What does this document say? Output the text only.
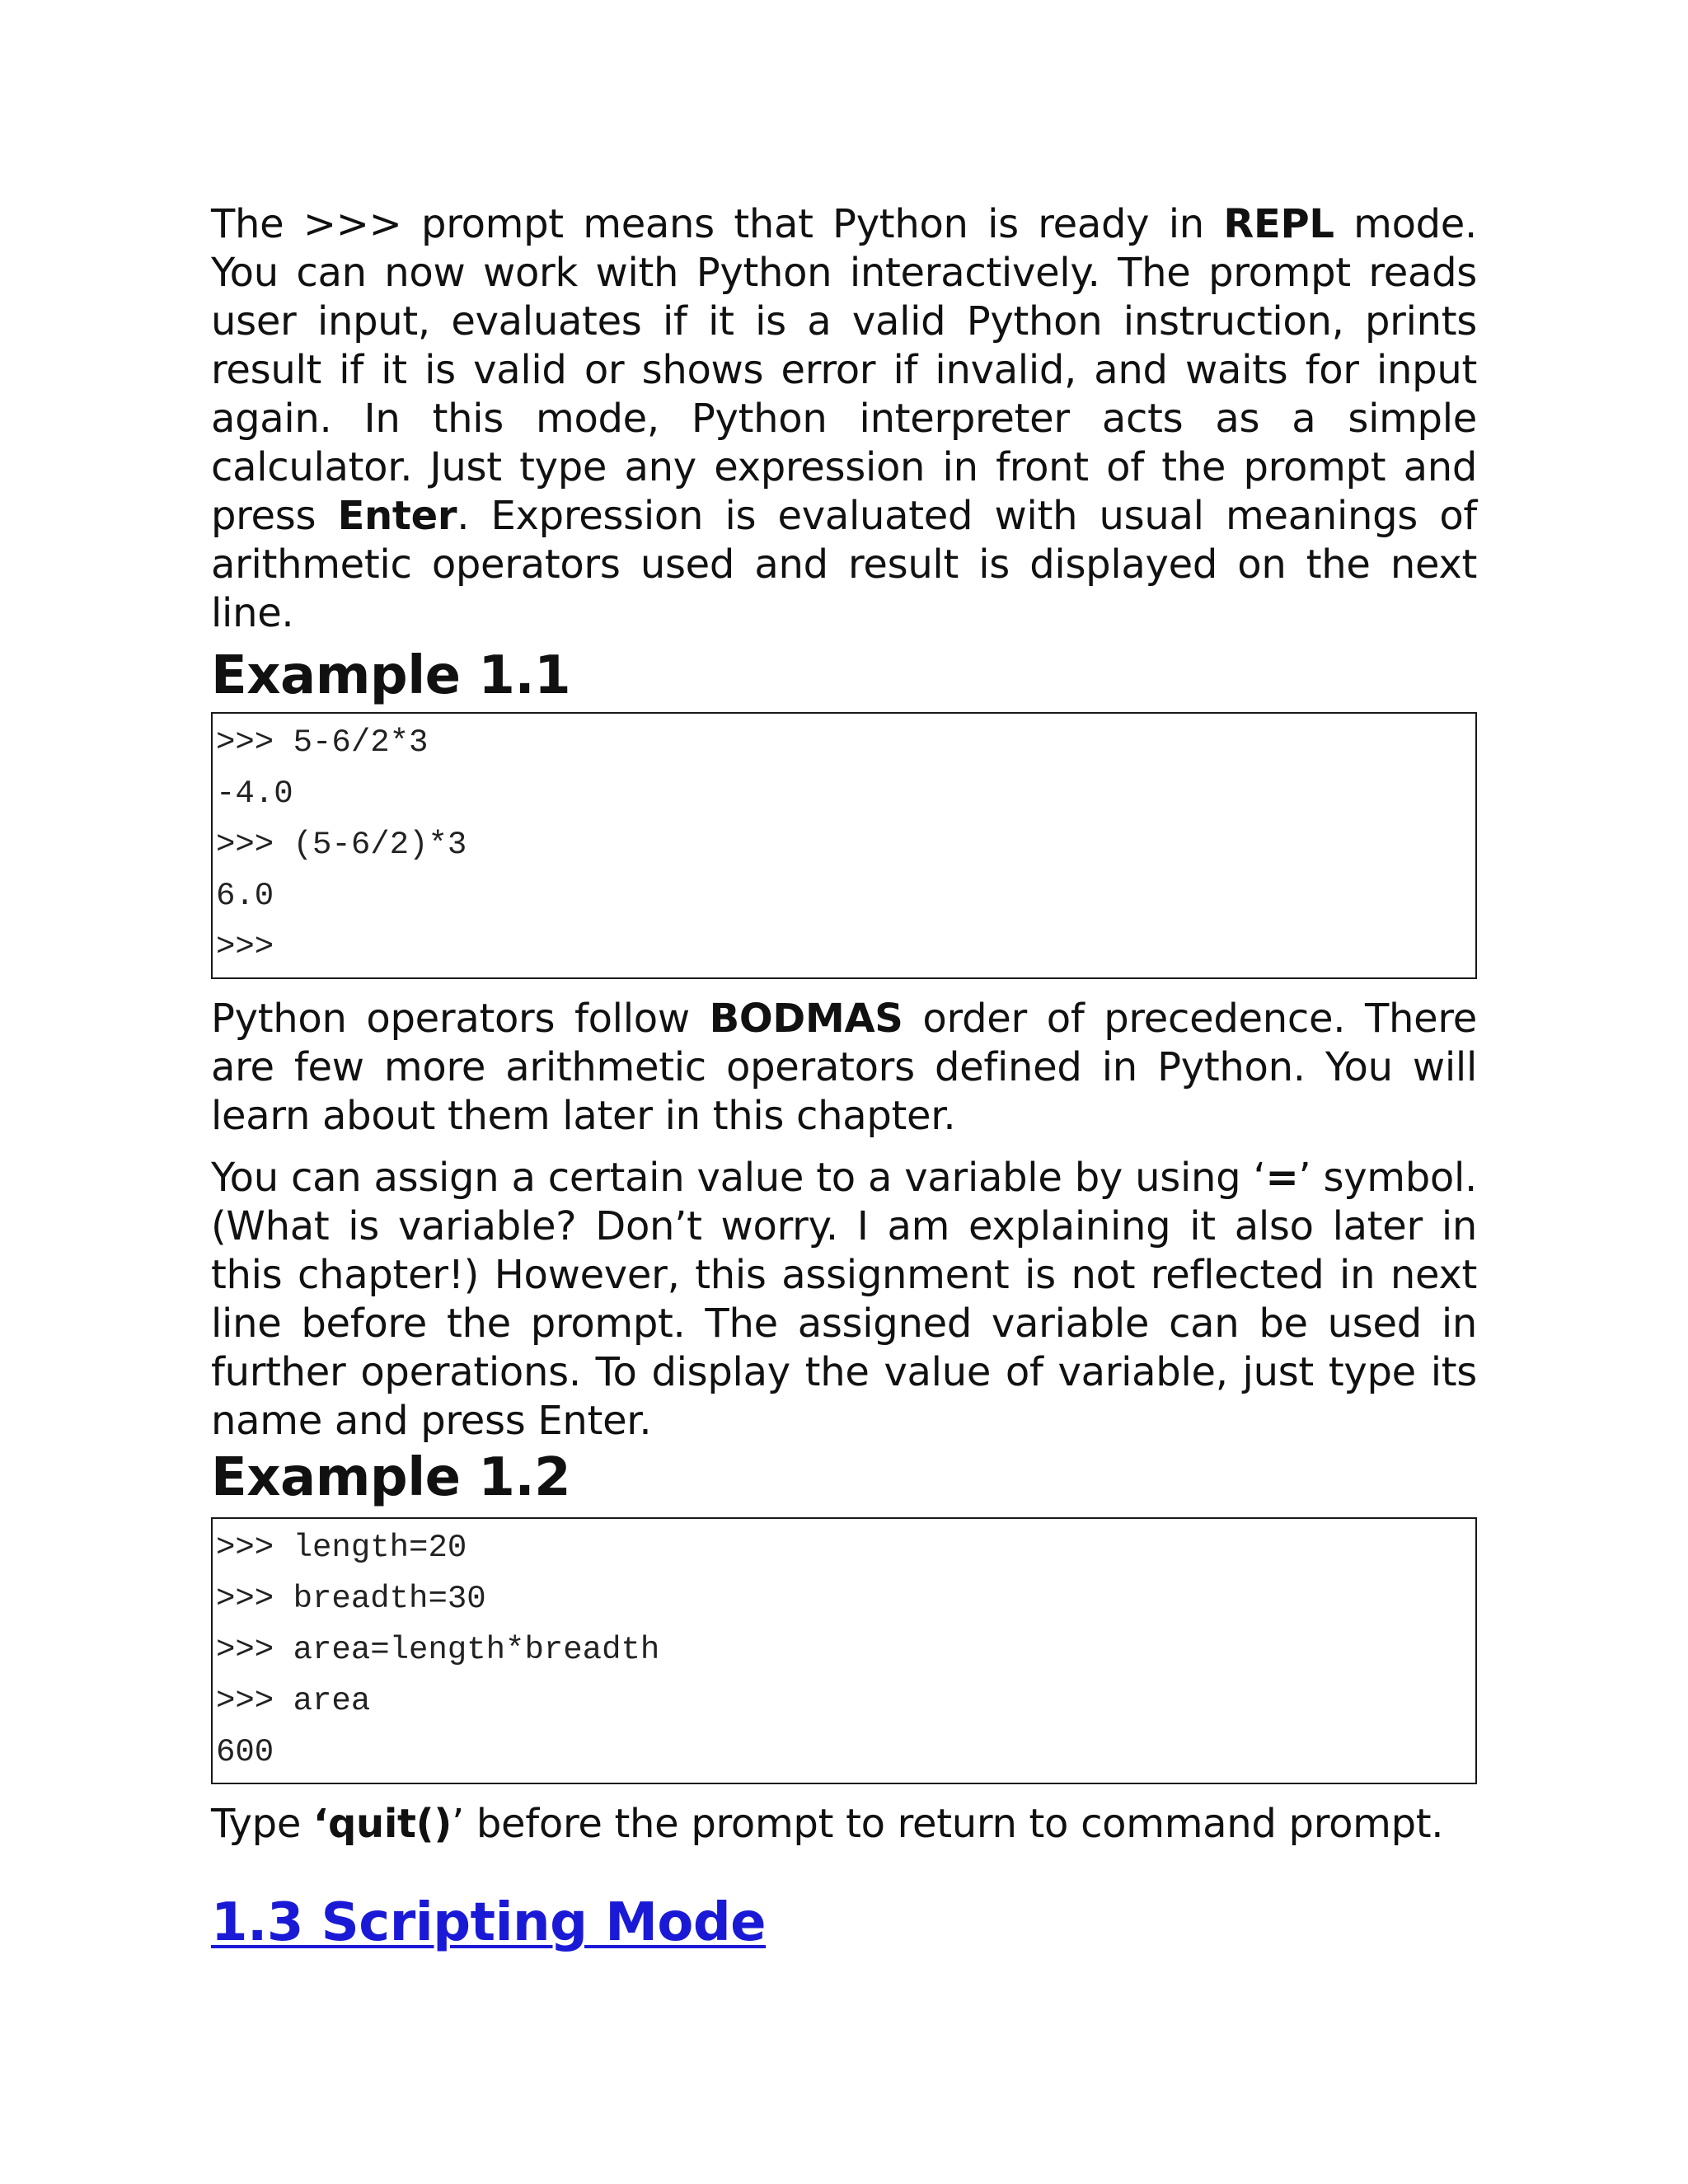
The >>> prompt means that Python is ready in REPL mode. You can now work with Python interactively. The prompt reads user input, evaluates if it is a valid Python instruction, prints result if it is valid or shows error if invalid, and waits for input again. In this mode, Python interpreter acts as a simple calculator. Just type any expression in front of the prompt and press Enter. Expression is evaluated with usual meanings of arithmetic operators used and result is displayed on the next line.

Example 1.1
>>> 5-6/2*3
-4.0
>>> (5-6/2)*3
6.0
>>>

Python operators follow BODMAS order of precedence. There are few more arithmetic operators defined in Python. You will learn about them later in this chapter.

You can assign a certain value to a variable by using ‘=’ symbol. (What is variable? Don’t worry. I am explaining it also later in this chapter!) However, this assignment is not reflected in next line before the prompt. The assigned variable can be used in further operations. To display the value of variable, just type its name and press Enter.

Example 1.2
>>> length=20
>>> breadth=30
>>> area=length*breadth
>>> area
600

Type ‘quit()’ before the prompt to return to command prompt.

1.3 Scripting Mode
